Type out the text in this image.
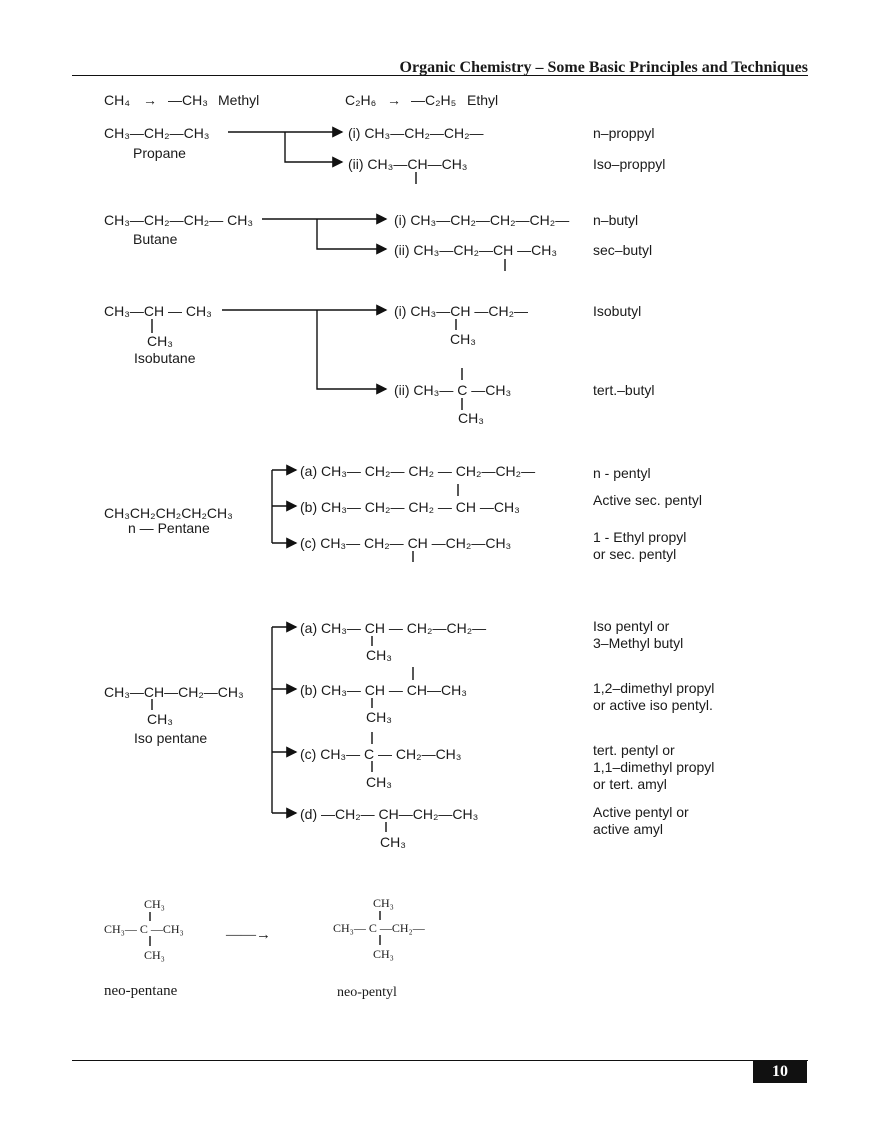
Organic Chemistry – Some Basic Principles and Techniques
CH₄ → —CH₃ Methyl	C₂H₆ → —C₂H₅ Ethyl
CH₃—CH₂—CH₃
Propane
(i) CH₃—CH₂—CH₂—	n–proppyl
(ii) CH₃—CH—CH₃	Iso–proppyl
CH₃—CH₂—CH₂— CH₃
Butane
(i) CH₃—CH₂—CH₂—CH₂— n–butyl
(ii) CH₃—CH₂—CH —CH₃	sec–butyl
CH₃—CH — CH₃
CH₃
Isobutane
(i) CH₃—CH —CH₂—
CH₃
Isobutyl
(ii) CH₃— C —CH₃
CH₃
tert.–butyl
CH₃CH₂CH₂CH₂CH₃
n — Pentane
(a) CH₃— CH₂— CH₂ — CH₂—CH₂—	n - pentyl
(b) CH₃— CH₂— CH₂ — CH —CH₃	Active sec. pentyl
(c) CH₃— CH₂— CH —CH₂—CH₃	1 - Ethyl propyl
or sec. pentyl
CH₃—CH—CH₂—CH₃
CH₃
Iso pentane
(a) CH₃— CH — CH₂—CH₂—
CH₃
Iso pentyl or
3–Methyl butyl
(b) CH₃— CH — CH—CH₃
CH₃
1,2–dimethyl propyl
or active iso pentyl.
(c) CH₃— C — CH₂—CH₃
CH₃
tert. pentyl or
1,1–dimethyl propyl
or tert. amyl
(d) —CH₂— CH—CH₂—CH₃
CH₃
Active pentyl or
active amyl
CH₃
CH₃— C —CH₃
CH₃
neo-pentane
——→
CH₃
CH₃— C —CH₂—
CH₃
neo-pentyl
10
